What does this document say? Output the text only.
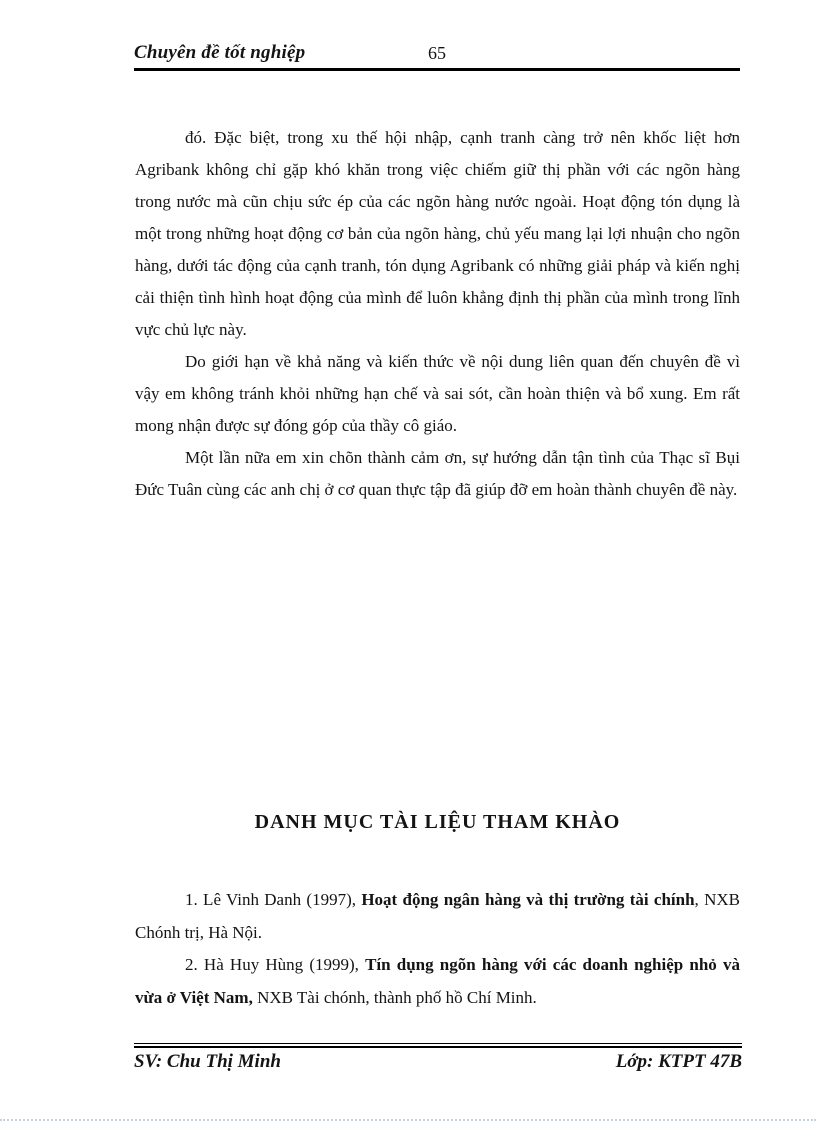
Chuyên đề tốt nghiệp	65

đó. Đặc biệt, trong xu thế hội nhập, cạnh tranh càng trở nên khốc liệt hơn Agribank không chỉ gặp khó khăn trong việc chiếm giữ thị phần với các ngõn hàng trong nước mà cũn chịu sức ép của các ngõn hàng nước ngoài. Hoạt động tón dụng là một trong những hoạt động cơ bản của ngõn hàng, chủ yếu mang lại lợi nhuận cho ngõn hàng, dưới tác động của cạnh tranh, tón dụng Agribank có những giải pháp và kiến nghị cải thiện tình hình hoạt động của mình để luôn khẳng định thị phần của mình trong lĩnh vực chủ lực này.

Do giới hạn về khả năng và kiến thức về nội dung liên quan đến chuyên đề vì vậy em không tránh khỏi những hạn chế và sai sót, cần hoàn thiện và bổ xung. Em rất mong nhận được sự đóng góp của thầy cô giáo.

Một lần nữa em xin chõn thành cảm ơn, sự hướng dẫn tận tình của Thạc sĩ Bụi Đức Tuân cùng các anh chị ở cơ quan thực tập đã giúp đỡ em hoàn thành chuyên đề này.

DANH MỤC TÀI LIỆU THAM KHÀO

1. Lê Vinh Danh (1997), Hoạt động ngân hàng và thị trường tài chính, NXB Chónh trị, Hà Nội.

2. Hà Huy Hùng (1999), Tín dụng ngõn hàng với các doanh nghiệp nhỏ và vừa ở Việt Nam, NXB Tài chónh, thành phố hồ Chí Minh.

SV: Chu Thị Minh	Lớp: KTPT 47B
